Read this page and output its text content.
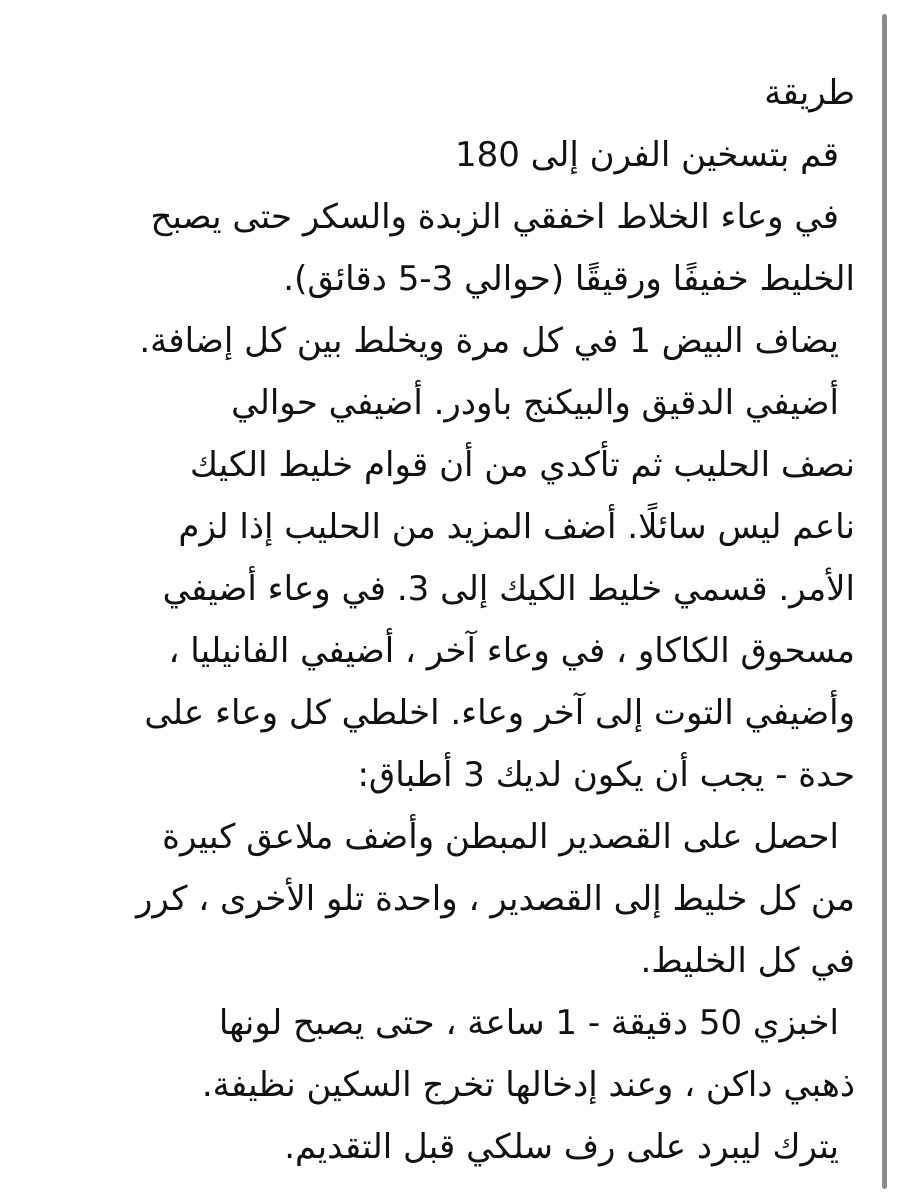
طريقة
قم بتسخين الفرن إلى 180
في وعاء الخلاط اخفقي الزبدة والسكر حتى يصبح
الخليط خفيفًا ورقيقًا (حوالي 3-5 دقائق).
يضاف البيض 1 في كل مرة ويخلط بين كل إضافة.
أضيفي الدقيق والبيكنج باودر. أضيفي حوالي
نصف الحليب ثم تأكدي من أن قوام خليط الكيك
ناعم ليس سائلًا. أضف المزيد من الحليب إذا لزم
الأمر. قسمي خليط الكيك إلى 3. في وعاء أضيفي
مسحوق الكاكاو ، في وعاء آخر ، أضيفي الفانيليا ،
وأضيفي التوت إلى آخر وعاء. اخلطي كل وعاء على
حدة - يجب أن يكون لديك 3 أطباق:
احصل على القصدير المبطن وأضف ملاعق كبيرة
من كل خليط إلى القصدير ، واحدة تلو الأخرى ، كرر
في كل الخليط.
اخبزي 50 دقيقة - 1 ساعة ، حتى يصبح لونها
ذهبي داكن ، وعند إدخالها تخرج السكين نظيفة.
يترك ليبرد على رف سلكي قبل التقديم.
